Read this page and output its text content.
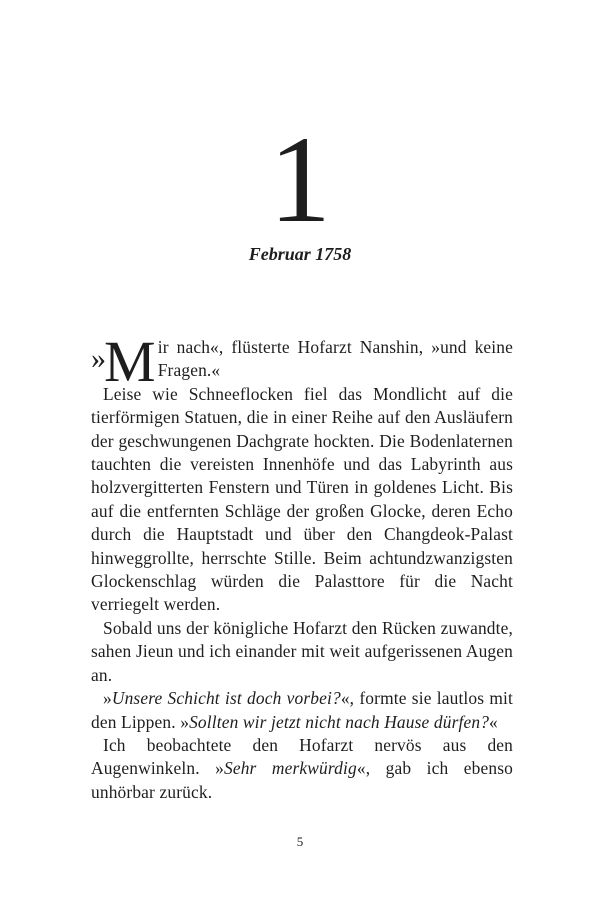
1
Februar 1758

» M ir nach«, flüsterte Hofarzt Nanshin, »und keine Fragen.«

Leise wie Schneeflocken fiel das Mondlicht auf die tierförmigen Statuen, die in einer Reihe auf den Ausläufern der geschwungenen Dachgrate hockten. Die Bodenlaternen tauchten die vereisten Innenhöfe und das Labyrinth aus holzvergitterten Fenstern und Türen in goldenes Licht. Bis auf die entfernten Schläge der großen Glocke, deren Echo durch die Hauptstadt und über den Changdeok-Palast hinweggrollte, herrschte Stille. Beim achtundzwanzigsten Glockenschlag würden die Palasttore für die Nacht verriegelt werden.

Sobald uns der königliche Hofarzt den Rücken zuwandte, sahen Jieun und ich einander mit weit aufgerissenen Augen an.

»Unsere Schicht ist doch vorbei?«, formte sie lautlos mit den Lippen. »Sollten wir jetzt nicht nach Hause dürfen?«

Ich beobachtete den Hofarzt nervös aus den Augenwinkeln. »Sehr merkwürdig«, gab ich ebenso unhörbar zurück.

5
